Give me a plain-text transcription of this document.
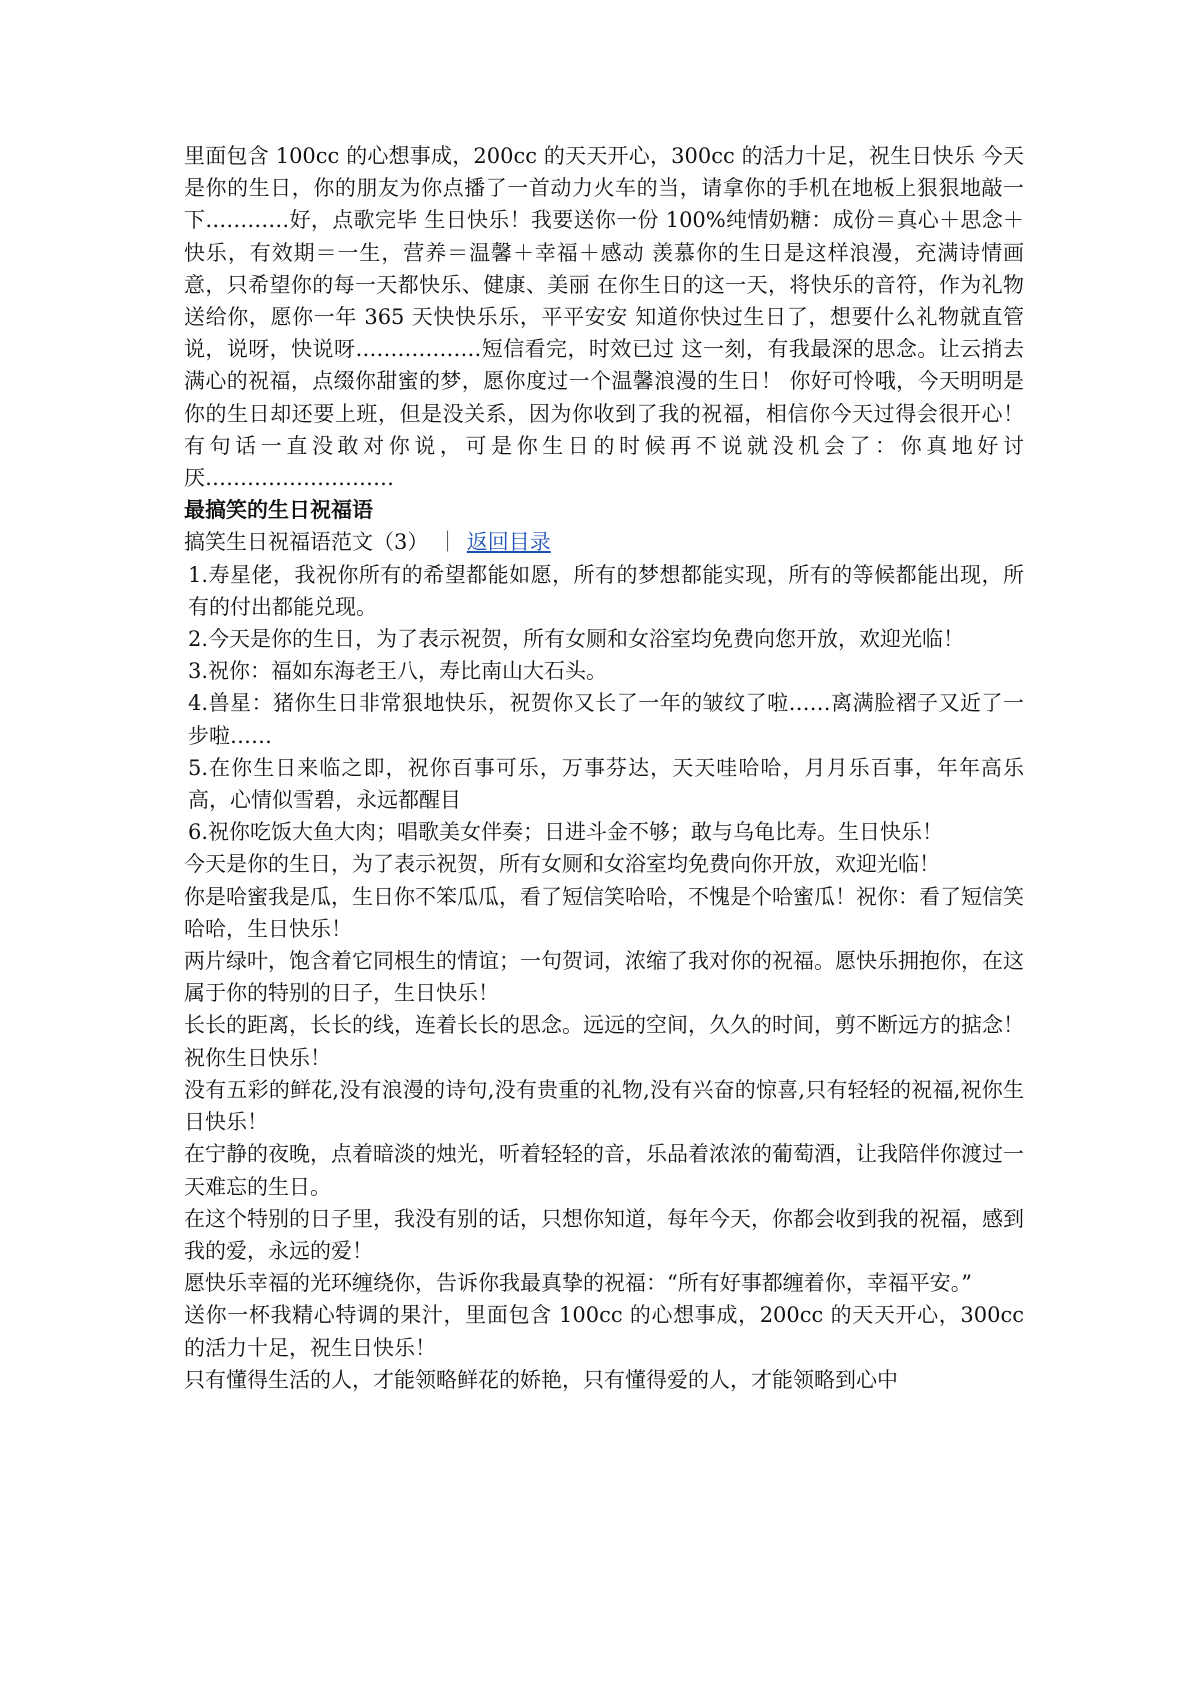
里面包含 100cc 的心想事成，200cc 的天天开心，300cc 的活力十足，祝生日快乐 今天是你的生日，你的朋友为你点播了一首动力火车的当，请拿你的手机在地板上狠狠地敲一下…………好，点歌完毕 生日快乐！我要送你一份 100%纯情奶糖：成份＝真心＋思念＋快乐，有效期＝一生，营养＝温馨＋幸福＋感动 羡慕你的生日是这样浪漫，充满诗情画意，只希望你的每一天都快乐、健康、美丽 在你生日的这一天，将快乐的音符，作为礼物送给你，愿你一年 365 天快快乐乐，平平安安 知道你快过生日了，想要什么礼物就直管说，说呀，快说呀………………短信看完，时效已过 这一刻，有我最深的思念。让云捎去满心的祝福，点缀你甜蜜的梦，愿你度过一个温馨浪漫的生日！ 你好可怜哦，今天明明是你的生日却还要上班，但是没关系，因为你收到了我的祝福，相信你今天过得会很开心！ 有句话一直没敢对你说，可是你生日的时候再不说就没机会了：你真地好讨厌………………………

最搞笑的生日祝福语

搞笑生日祝福语范文（3） ｜ 返回目录

1.寿星佬，我祝你所有的希望都能如愿，所有的梦想都能实现，所有的等候都能出现，所有的付出都能兑现。

2.今天是你的生日，为了表示祝贺，所有女厕和女浴室均免费向您开放，欢迎光临！

3.祝你：福如东海老王八，寿比南山大石头。

4.兽星：猪你生日非常狠地快乐，祝贺你又长了一年的皱纹了啦……离满脸褶子又近了一步啦……

5.在你生日来临之即，祝你百事可乐，万事芬达，天天哇哈哈，月月乐百事，年年高乐高，心情似雪碧，永远都醒目

6.祝你吃饭大鱼大肉；唱歌美女伴奏；日进斗金不够；敢与乌龟比寿。生日快乐！

今天是你的生日，为了表示祝贺，所有女厕和女浴室均免费向你开放，欢迎光临！

你是哈蜜我是瓜，生日你不笨瓜瓜，看了短信笑哈哈，不愧是个哈蜜瓜！祝你：看了短信笑哈哈，生日快乐！

两片绿叶，饱含着它同根生的情谊；一句贺词，浓缩了我对你的祝福。愿快乐拥抱你，在这属于你的特别的日子，生日快乐！

长长的距离，长长的线，连着长长的思念。远远的空间，久久的时间，剪不断远方的掂念！祝你生日快乐！

没有五彩的鲜花,没有浪漫的诗句,没有贵重的礼物,没有兴奋的惊喜,只有轻轻的祝福,祝你生日快乐！

在宁静的夜晚，点着暗淡的烛光，听着轻轻的音，乐品着浓浓的葡萄酒，让我陪伴你渡过一天难忘的生日。

在这个特别的日子里，我没有别的话，只想你知道，每年今天，你都会收到我的祝福，感到我的爱，永远的爱！

愿快乐幸福的光环缠绕你，告诉你我最真挚的祝福：“所有好事都缠着你，幸福平安。”

送你一杯我精心特调的果汁，里面包含 100cc 的心想事成，200cc 的天天开心，300cc 的活力十足，祝生日快乐！

只有懂得生活的人，才能领略鲜花的娇艳，只有懂得爱的人，才能领略到心中
